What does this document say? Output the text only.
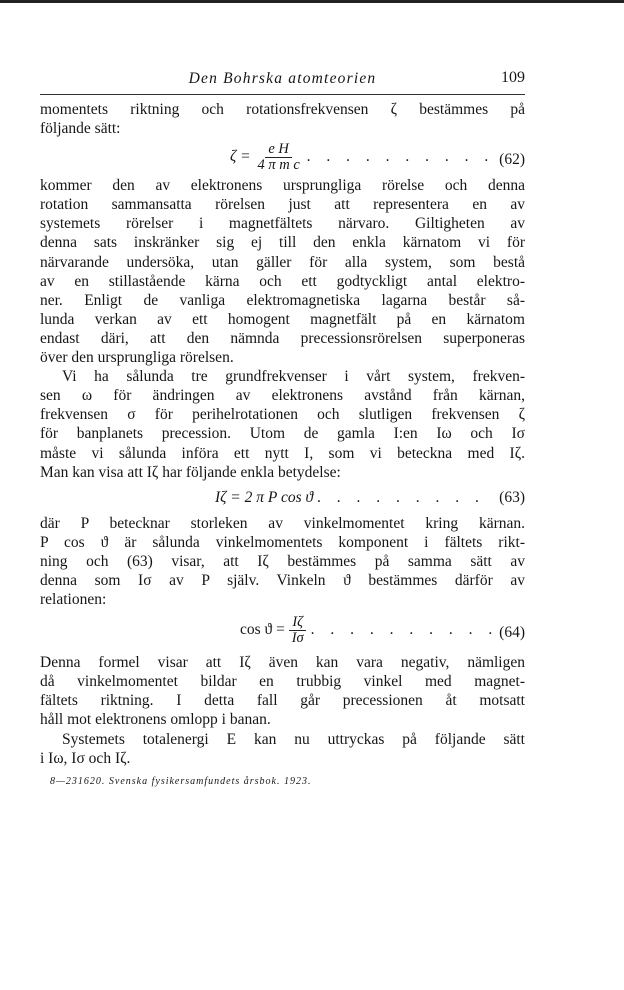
Den Bohrska atomteorien	109
momentets riktning och rotationsfrekvensen ζ bestämmes på
följande sätt:
$\zeta = \frac{\text{e H}}{\text{4 π m c}}$ . . . . . . . . . . (62)
kommer den av elektronens ursprungliga rörelse och denna
rotation sammansatta rörelsen just att representera en av
systemets rörelser i magnetfältets närvaro. Giltigheten av
denna sats inskränker sig ej till den enkla kärnatom vi för
närvarande undersöka, utan gäller för alla system, som bestå
av en stillastående kärna och ett godtyckligt antal elektro-
ner. Enligt de vanliga elektromagnetiska lagarna består så-
lunda verkan av ett homogent magnetfält på en kärnatom
endast däri, att den nämnda precessionsrörelsen superponeras
över den ursprungliga rörelsen.
Vi ha sålunda tre grundfrekvenser i vårt system, frekven-
sen ω för ändringen av elektronens avstånd från kärnan,
frekvensen σ för perihelrotationen och slutligen frekvensen ζ
för banplanets precession. Utom de gamla I:en Iω och Iσ
måste vi sålunda införa ett nytt I, som vi beteckna med Iζ.
Man kan visa att Iζ har följande enkla betydelse:
Iζ = 2 π P cos ϑ . . . . . . . . . (63)
där P betecknar storleken av vinkelmomentet kring kärnan.
P cos ϑ är sålunda vinkelmomentets komponent i fältets rikt-
ning och (63) visar, att Iζ bestämmes på samma sätt av
denna som Iσ av P själv. Vinkeln ϑ bestämmes därför av
relationen:
$\cos ϑ = \frac{I\zeta}{I\sigma}$ . . . . . . . . . . (64)
Denna formel visar att Iζ även kan vara negativ, nämligen
då vinkelmomentet bildar en trubbig vinkel med magnet-
fältets riktning. I detta fall går precessionen åt motsatt
håll mot elektronens omlopp i banan.
Systemets totalenergi E kan nu uttryckas på följande sätt
i Iω, Iσ och Iζ.
8—231620. Svenska fysikersamfundets årsbok. 1923.
